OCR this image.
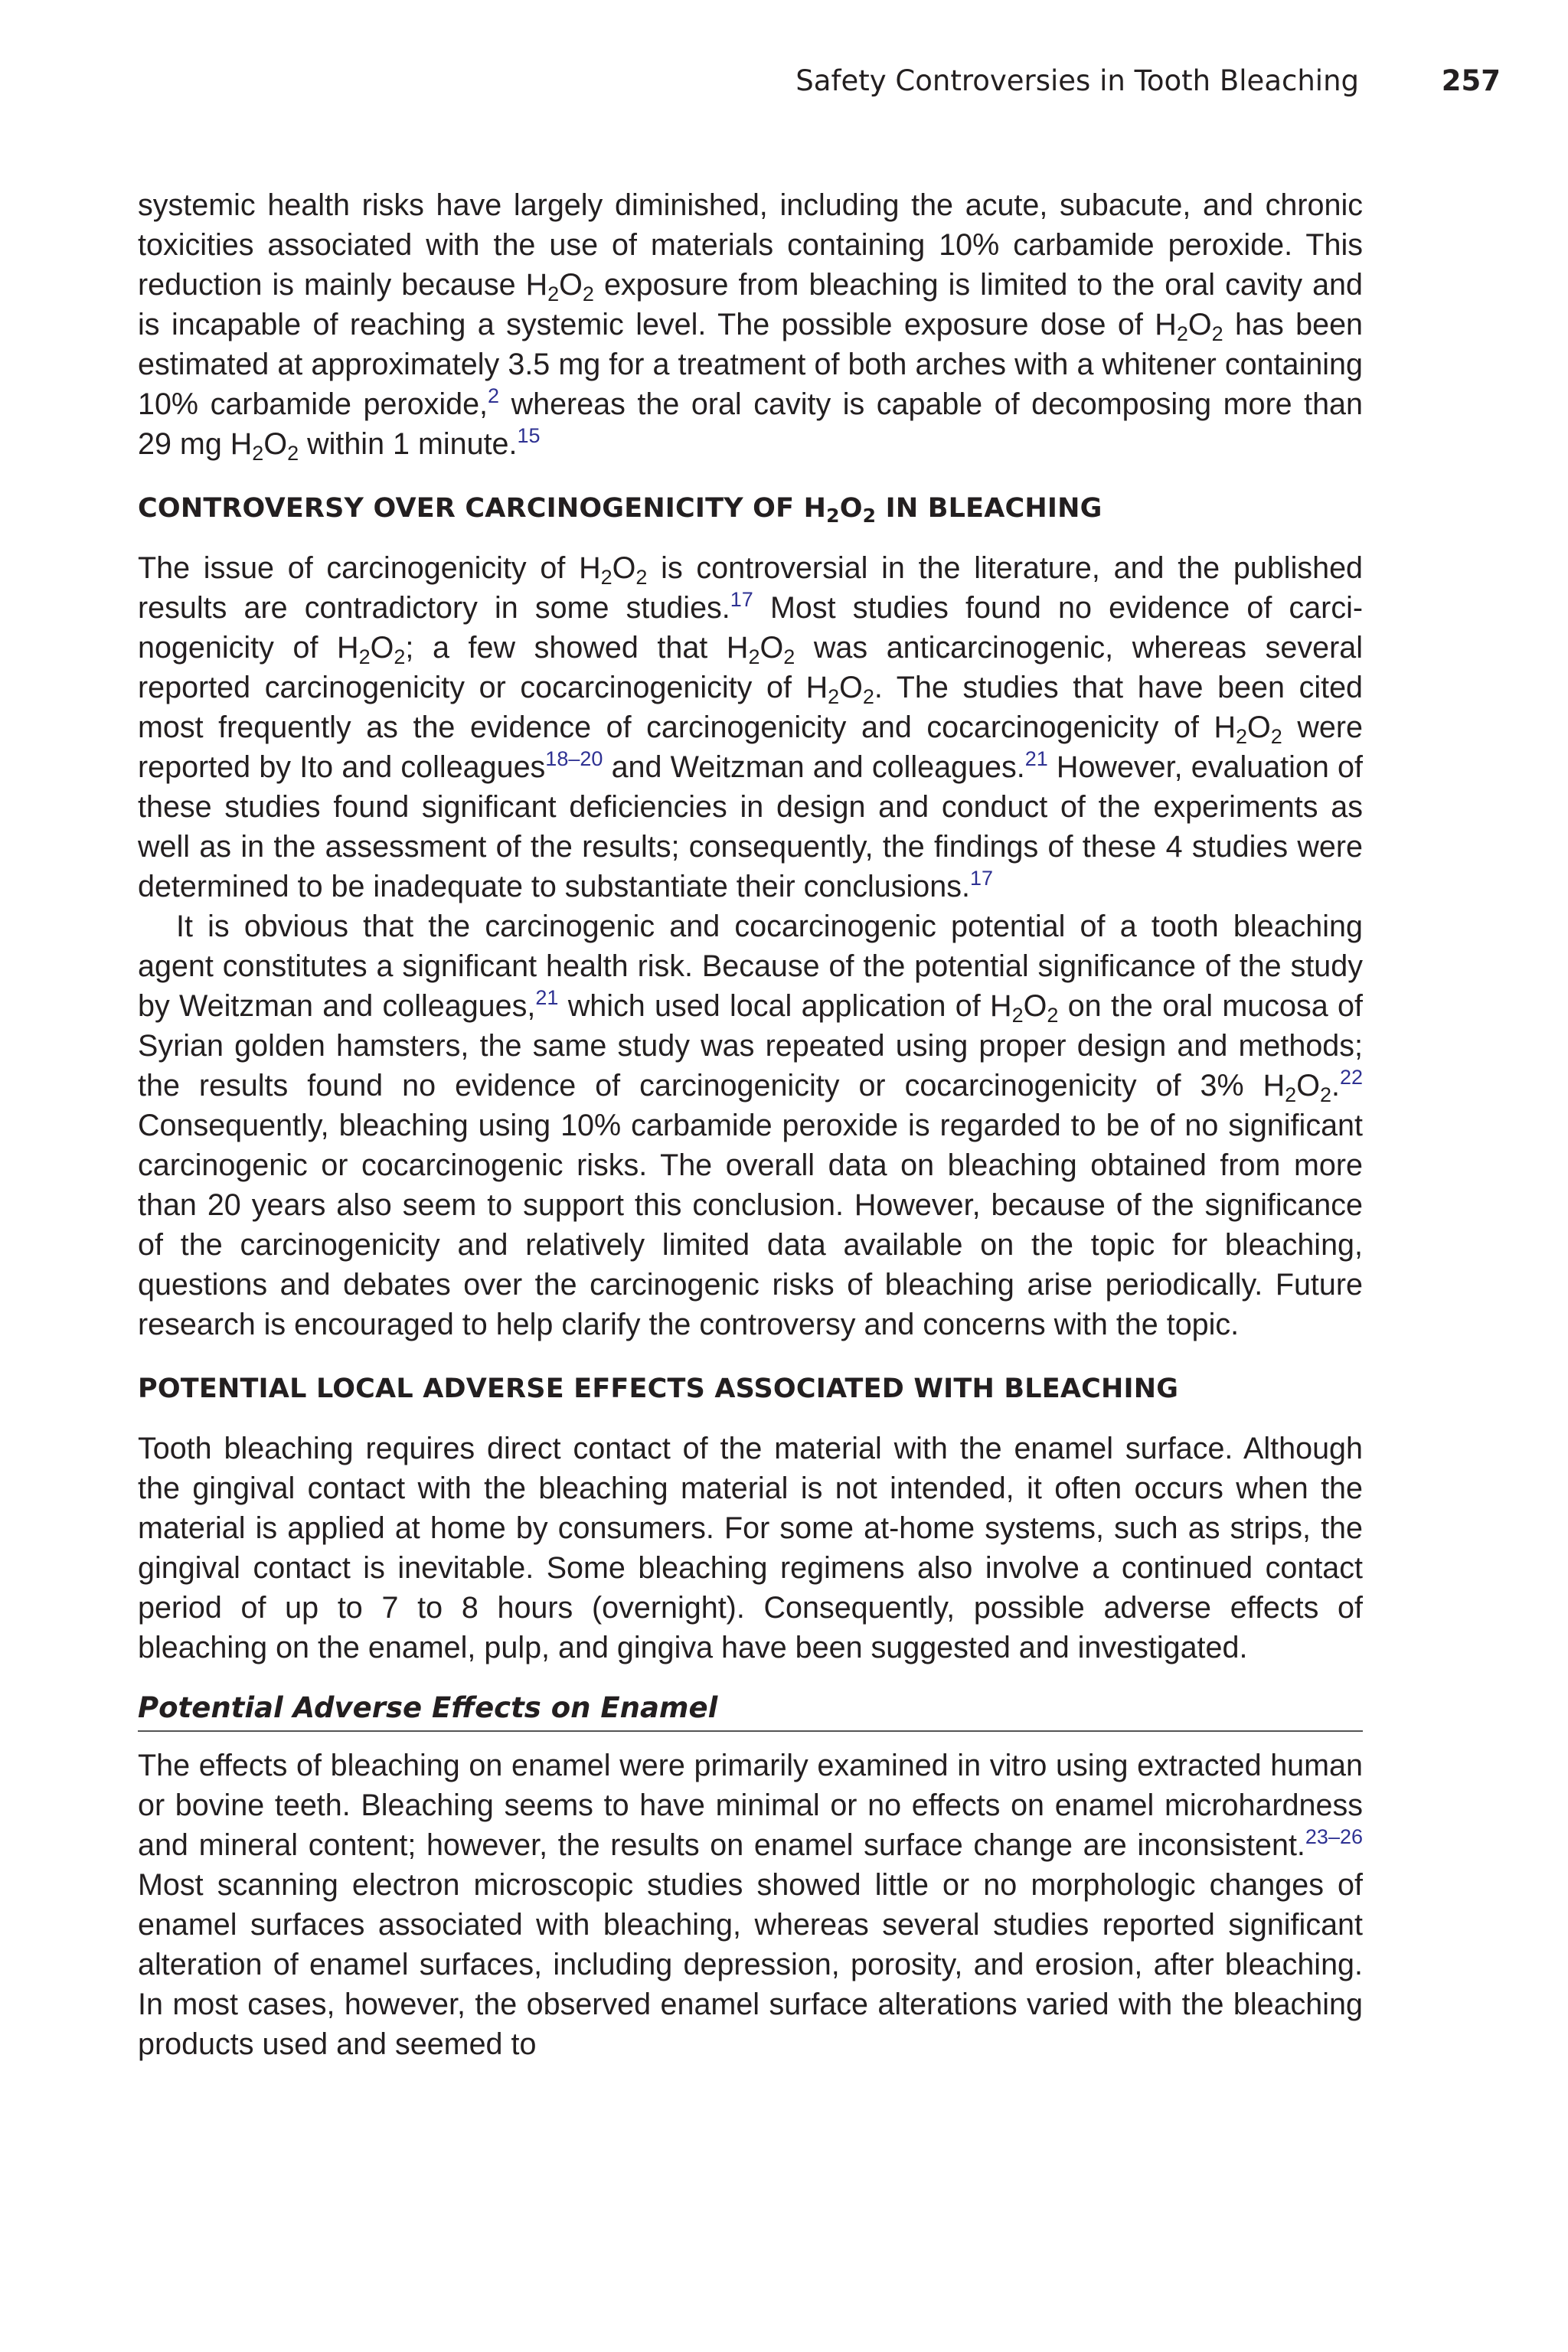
Safety Controversies in Tooth Bleaching	257

systemic health risks have largely diminished, including the acute, subacute, and chronic toxicities associated with the use of materials containing 10% carbamide peroxide. This reduction is mainly because $H_2O_2$ exposure from bleaching is limited to the oral cavity and is incapable of reaching a systemic level. The possible exposure dose of $H_2O_2$ has been estimated at approximately 3.5 mg for a treatment of both arches with a whitener containing 10% carbamide peroxide,$^2$ whereas the oral cavity is capable of decomposing more than 29 mg $H_2O_2$ within 1 minute.$^{15}$

CONTROVERSY OVER CARCINOGENICITY OF $H_2O_2$ IN BLEACHING

The issue of carcinogenicity of $H_2O_2$ is controversial in the literature, and the published results are contradictory in some studies.$^{17}$ Most studies found no evidence of carcinogenicity of $H_2O_2$; a few showed that $H_2O_2$ was anticarcinogenic, whereas several reported carcinogenicity or cocarcinogenicity of $H_2O_2$. The studies that have been cited most frequently as the evidence of carcinogenicity and cocarcinogenicity of $H_2O_2$ were reported by Ito and colleagues$^{18-20}$ and Weitzman and colleagues.$^{21}$ However, evaluation of these studies found significant deficiencies in design and conduct of the experiments as well as in the assessment of the results; consequently, the findings of these 4 studies were determined to be inadequate to substantiate their conclusions.$^{17}$

It is obvious that the carcinogenic and cocarcinogenic potential of a tooth bleaching agent constitutes a significant health risk. Because of the potential significance of the study by Weitzman and colleagues,$^{21}$ which used local application of $H_2O_2$ on the oral mucosa of Syrian golden hamsters, the same study was repeated using proper design and methods; the results found no evidence of carcinogenicity or cocarcinogenicity of 3% $H_2O_2.^{22}$ Consequently, bleaching using 10% carbamide peroxide is regarded to be of no significant carcinogenic or cocarcinogenic risks. The overall data on bleaching obtained from more than 20 years also seem to support this conclusion. However, because of the significance of the carcinogenicity and relatively limited data available on the topic for bleaching, questions and debates over the carcinogenic risks of bleaching arise periodically. Future research is encouraged to help clarify the controversy and concerns with the topic.

POTENTIAL LOCAL ADVERSE EFFECTS ASSOCIATED WITH BLEACHING

Tooth bleaching requires direct contact of the material with the enamel surface. Although the gingival contact with the bleaching material is not intended, it often occurs when the material is applied at home by consumers. For some at-home systems, such as strips, the gingival contact is inevitable. Some bleaching regimens also involve a continued contact period of up to 7 to 8 hours (overnight). Consequently, possible adverse effects of bleaching on the enamel, pulp, and gingiva have been suggested and investigated.

Potential Adverse Effects on Enamel

The effects of bleaching on enamel were primarily examined in vitro using extracted human or bovine teeth. Bleaching seems to have minimal or no effects on enamel microhardness and mineral content; however, the results on enamel surface change are inconsistent.$^{23-26}$ Most scanning electron microscopic studies showed little or no morphologic changes of enamel surfaces associated with bleaching, whereas several studies reported significant alteration of enamel surfaces, including depression, porosity, and erosion, after bleaching. In most cases, however, the observed enamel surface alterations varied with the bleaching products used and seemed to
